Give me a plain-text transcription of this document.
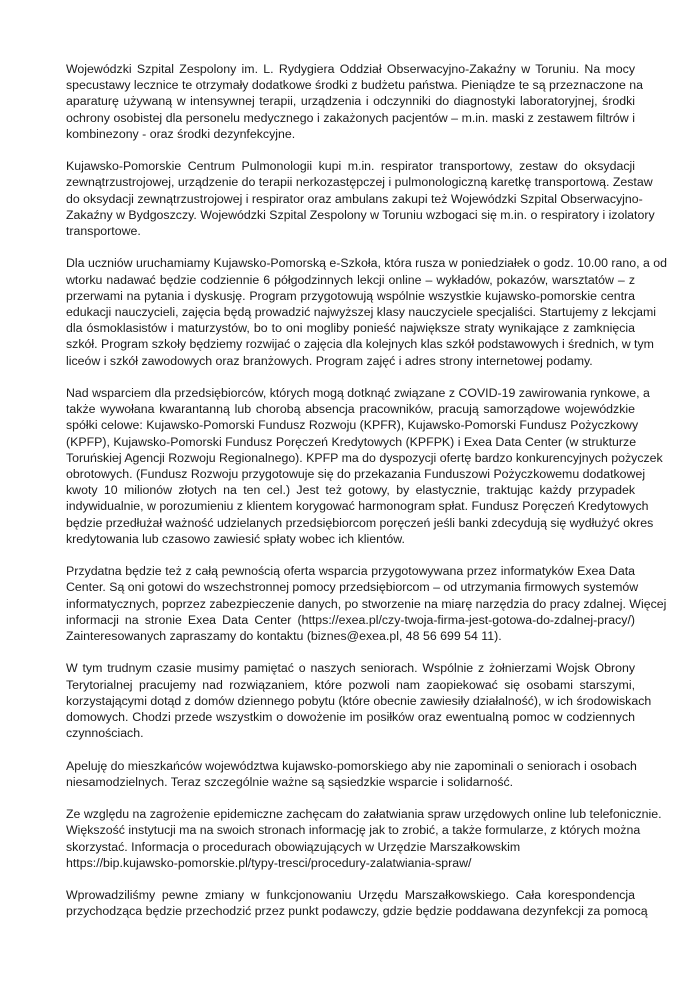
Wojewódzki Szpital Zespolony im. L. Rydygiera Oddział Obserwacyjno-Zakaźny w Toruniu. Na mocy
specustawy lecznice te otrzymały dodatkowe środki z budżetu państwa. Pieniądze te są przeznaczone na
aparaturę używaną w intensywnej terapii, urządzenia i odczynniki do diagnostyki laboratoryjnej, środki
ochrony osobistej dla personelu medycznego i zakażonych pacjentów – m.in. maski z zestawem filtrów i
kombinezony - oraz środki dezynfekcyjne.

Kujawsko-Pomorskie Centrum Pulmonologii kupi m.in. respirator transportowy, zestaw do oksydacji
zewnątrzustrojowej, urządzenie do terapii nerkozastępczej i pulmonologiczną karetkę transportową. Zestaw
do oksydacji zewnątrzustrojowej i respirator oraz ambulans zakupi też Wojewódzki Szpital Obserwacyjno-
Zakaźny w Bydgoszczy. Wojewódzki Szpital Zespolony w Toruniu wzbogaci się m.in. o respiratory i izolatory
transportowe.

Dla uczniów uruchamiamy Kujawsko-Pomorską e-Szkoła, która rusza w poniedziałek o godz. 10.00 rano, a od
wtorku nadawać będzie codziennie 6 półgodzinnych lekcji online – wykładów, pokazów, warsztatów – z
przerwami na pytania i dyskusję. Program przygotowują wspólnie wszystkie kujawsko-pomorskie centra
edukacji nauczycieli, zajęcia będą prowadzić najwyższej klasy nauczyciele specjaliści. Startujemy z lekcjami
dla ósmoklasistów i maturzystów, bo to oni mogliby ponieść największe straty wynikające z zamknięcia
szkół. Program szkoły będziemy rozwijać o zajęcia dla kolejnych klas szkół podstawowych i średnich, w tym
liceów i szkół zawodowych oraz branżowych. Program zajęć i adres strony internetowej podamy.

Nad wsparciem dla przedsiębiorców, których mogą dotknąć związane z COVID-19 zawirowania rynkowe, a
także wywołana kwarantanną lub chorobą absencja pracowników, pracują samorządowe wojewódzkie
spółki celowe: Kujawsko-Pomorski Fundusz Rozwoju (KPFR), Kujawsko-Pomorski Fundusz Pożyczkowy
(KPFP), Kujawsko-Pomorski Fundusz Poręczeń Kredytowych (KPFPK) i Exea Data Center (w strukturze
Toruńskiej Agencji Rozwoju Regionalnego). KPFP ma do dyspozycji ofertę bardzo konkurencyjnych pożyczek
obrotowych. (Fundusz Rozwoju przygotowuje się do przekazania Funduszowi Pożyczkowemu dodatkowej
kwoty 10 milionów złotych na ten cel.) Jest też gotowy, by elastycznie, traktując każdy przypadek
indywidualnie, w porozumieniu z klientem korygować harmonogram spłat. Fundusz Poręczeń Kredytowych
będzie przedłużał ważność udzielanych przedsiębiorcom poręczeń jeśli banki zdecydują się wydłużyć okres
kredytowania lub czasowo zawiesić spłaty wobec ich klientów.

Przydatna będzie też z całą pewnością oferta wsparcia przygotowywana przez informatyków Exea Data
Center. Są oni gotowi do wszechstronnej pomocy przedsiębiorcom – od utrzymania firmowych systemów
informatycznych, poprzez zabezpieczenie danych, po stworzenie na miarę narzędzia do pracy zdalnej. Więcej
informacji na stronie Exea Data Center (https://exea.pl/czy-twoja-firma-jest-gotowa-do-zdalnej-pracy/)
Zainteresowanych zapraszamy do kontaktu (biznes@exea.pl, 48 56 699 54 11).

W tym trudnym czasie musimy pamiętać o naszych seniorach. Wspólnie z żołnierzami Wojsk Obrony
Terytorialnej pracujemy nad rozwiązaniem, które pozwoli nam zaopiekować się osobami starszymi,
korzystającymi dotąd z domów dziennego pobytu (które obecnie zawiesiły działalność), w ich środowiskach
domowych. Chodzi przede wszystkim o dowożenie im posiłków oraz ewentualną pomoc w codziennych
czynnościach.

Apeluję do mieszkańców województwa kujawsko-pomorskiego aby nie zapominali o seniorach i osobach
niesamodzielnych. Teraz szczególnie ważne są sąsiedzkie wsparcie i solidarność.

Ze względu na zagrożenie epidemiczne zachęcam do załatwiania spraw urzędowych online lub telefonicznie.
Większość instytucji ma na swoich stronach informację jak to zrobić, a także formularze, z których można
skorzystać. Informacja o procedurach obowiązujących w Urzędzie Marszałkowskim
https://bip.kujawsko-pomorskie.pl/typy-tresci/procedury-zalatwiania-spraw/

Wprowadziliśmy pewne zmiany w funkcjonowaniu Urzędu Marszałkowskiego. Cała korespondencja
przychodząca będzie przechodzić przez punkt podawczy, gdzie będzie poddawana dezynfekcji za pomocą
